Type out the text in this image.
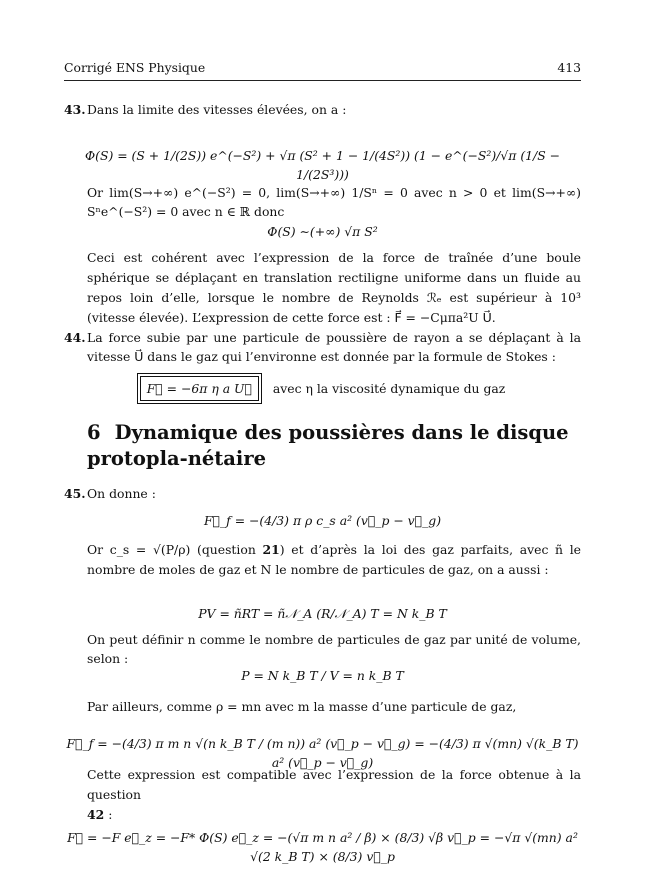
Corrigé ENS Physique	413
43. Dans la limite des vitesses élevées, on a :
Φ(S) = (S + 1/(2S)) e^(−S²) + √π (S² + 1 − 1/(4S²)) (1 − e^(−S²)/√π (1/S − 1/(2S³)))
Or lim(S→+∞) e^(−S²) = 0, lim(S→+∞) 1/Sⁿ = 0 avec n > 0 et lim(S→+∞) Sⁿe^(−S²) = 0 avec n ∈ ℝ donc
Φ(S) ∼(+∞) √π S²
Ceci est cohérent avec l’expression de la force de traînée d’une boule sphérique se déplaçant en translation rectiligne uniforme dans un fluide au repos loin d’elle, lorsque le nombre de Reynolds ℛₑ est supérieur à 10³ (vitesse élevée). L’expression de cette force est : F⃗ = −Cμπa²U U⃗.
44. La force subie par une particule de poussière de rayon a se déplaçant à la vitesse U⃗ dans le gaz qui l’environne est donnée par la formule de Stokes :
F⃗ = −6π η a U⃗ avec η la viscosité dynamique du gaz
6 Dynamique des poussières dans le disque protopla-nétaire
45. On donne :
F⃗_f = −(4/3) π ρ c_s a² (v⃗_p − v⃗_g)
Or c_s = √(P/ρ) (question 21) et d’après la loi des gaz parfaits, avec ñ le nombre de moles de gaz et N le nombre de particules de gaz, on a aussi :
PV = ñRT = ñ𝒩_A (R/𝒩_A) T = N k_B T
On peut définir n comme le nombre de particules de gaz par unité de volume, selon :
P = N k_B T / V = n k_B T
Par ailleurs, comme ρ = mn avec m la masse d’une particule de gaz,
F⃗_f = −(4/3) π m n √(n k_B T / (m n)) a² (v⃗_p − v⃗_g) = −(4/3) π √(mn) √(k_B T) a² (v⃗_p − v⃗_g)
Cette expression est compatible avec l’expression de la force obtenue à la question
42 :
F⃗ = −F e⃗_z = −F* Φ(S) e⃗_z = −(√π m n a² / β) × (8/3) √β v⃗_p = −√π √(mn) a² √(2 k_B T) × (8/3) v⃗_p
